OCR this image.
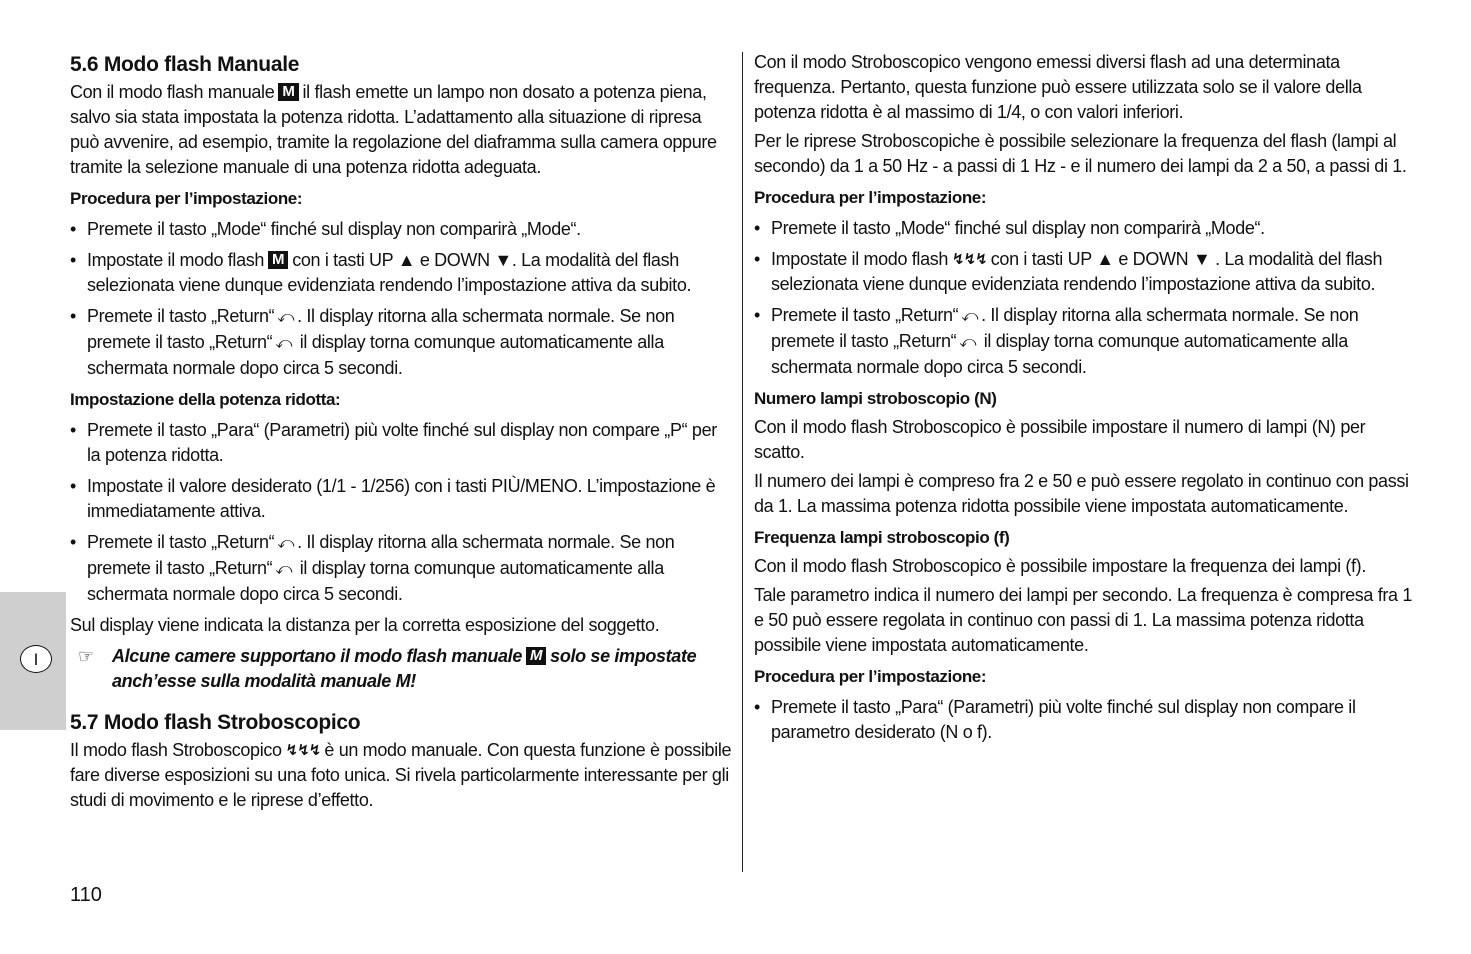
I
5.6 Modo flash Manuale

Con il modo flash manuale M il flash emette un lampo non dosato a potenza piena, salvo sia stata impostata la potenza ridotta. L’adattamento alla situazione di ripresa può avvenire, ad esempio, tramite la regolazione del diaframma sulla camera oppure tramite la selezione manuale di una potenza ridotta adeguata.

Procedura per l’impostazione:
• Premete il tasto „Mode“ finché sul display non comparirà „Mode“.
• Impostate il modo flash M con i tasti UP ▲ e DOWN ▼. La modalità del flash selezionata viene dunque evidenziata rendendo l’impostazione attiva da subito.
• Premete il tasto „Return“ ⤺ . Il display ritorna alla schermata normale. Se non premete il tasto „Return“ ⤺ il display torna comunque automaticamente alla schermata normale dopo circa 5 secondi.
Impostazione della potenza ridotta:
• Premete il tasto „Para“ (Parametri) più volte finché sul display non compare „P“ per la potenza ridotta.
• Impostate il valore desiderato (1/1 - 1/256) con i tasti PIÙ/MENO. L’impostazione è immediatamente attiva.
• Premete il tasto „Return“ ⤺ . Il display ritorna alla schermata normale. Se non premete il tasto „Return“ ⤺ il display torna comunque automaticamente alla schermata normale dopo circa 5 secondi.

Sul display viene indicata la distanza per la corretta esposizione del soggetto.

☞ Alcune camere supportano il modo flash manuale M solo se impostate anch’esse sulla modalità manuale M!
5.7 Modo flash Stroboscopico

Il modo flash Stroboscopico ↯↯↯ è un modo manuale. Con questa funzione è possibile fare diverse esposizioni su una foto unica. Si rivela particolarmente interessante per gli studi di movimento e le riprese d’effetto.

Con il modo Stroboscopico vengono emessi diversi flash ad una determinata frequenza. Pertanto, questa funzione può essere utilizzata solo se il valore della potenza ridotta è al massimo di 1/4, o con valori inferiori.

Per le riprese Stroboscopiche è possibile selezionare la frequenza del flash (lampi al secondo) da 1 a 50 Hz - a passi di 1 Hz - e il numero dei lampi da 2 a 50, a passi di 1.

Procedura per l’impostazione:
• Premete il tasto „Mode“ finché sul display non comparirà „Mode“.
• Impostate il modo flash ↯↯↯ con i tasti UP ▲ e DOWN ▼ . La modalità del flash selezionata viene dunque evidenziata rendendo l’impostazione attiva da subito.
• Premete il tasto „Return“ ⤺ . Il display ritorna alla schermata normale. Se non premete il tasto „Return“ ⤺ il display torna comunque automaticamente alla schermata normale dopo circa 5 secondi.
Numero lampi stroboscopio (N)

Con il modo flash Stroboscopico è possibile impostare il numero di lampi (N) per scatto.

Il numero dei lampi è compreso fra 2 e 50 e può essere regolato in continuo con passi da 1. La massima potenza ridotta possibile viene impostata automaticamente.

Frequenza lampi stroboscopio (f)

Con il modo flash Stroboscopico è possibile impostare la frequenza dei lampi (f).

Tale parametro indica il numero dei lampi per secondo. La frequenza è compresa fra 1 e 50 può essere regolata in continuo con passi di 1. La massima potenza ridotta possibile viene impostata automaticamente.

Procedura per l’impostazione:
• Premete il tasto „Para“ (Parametri) più volte finché sul display non compare il parametro desiderato (N o f).
110
